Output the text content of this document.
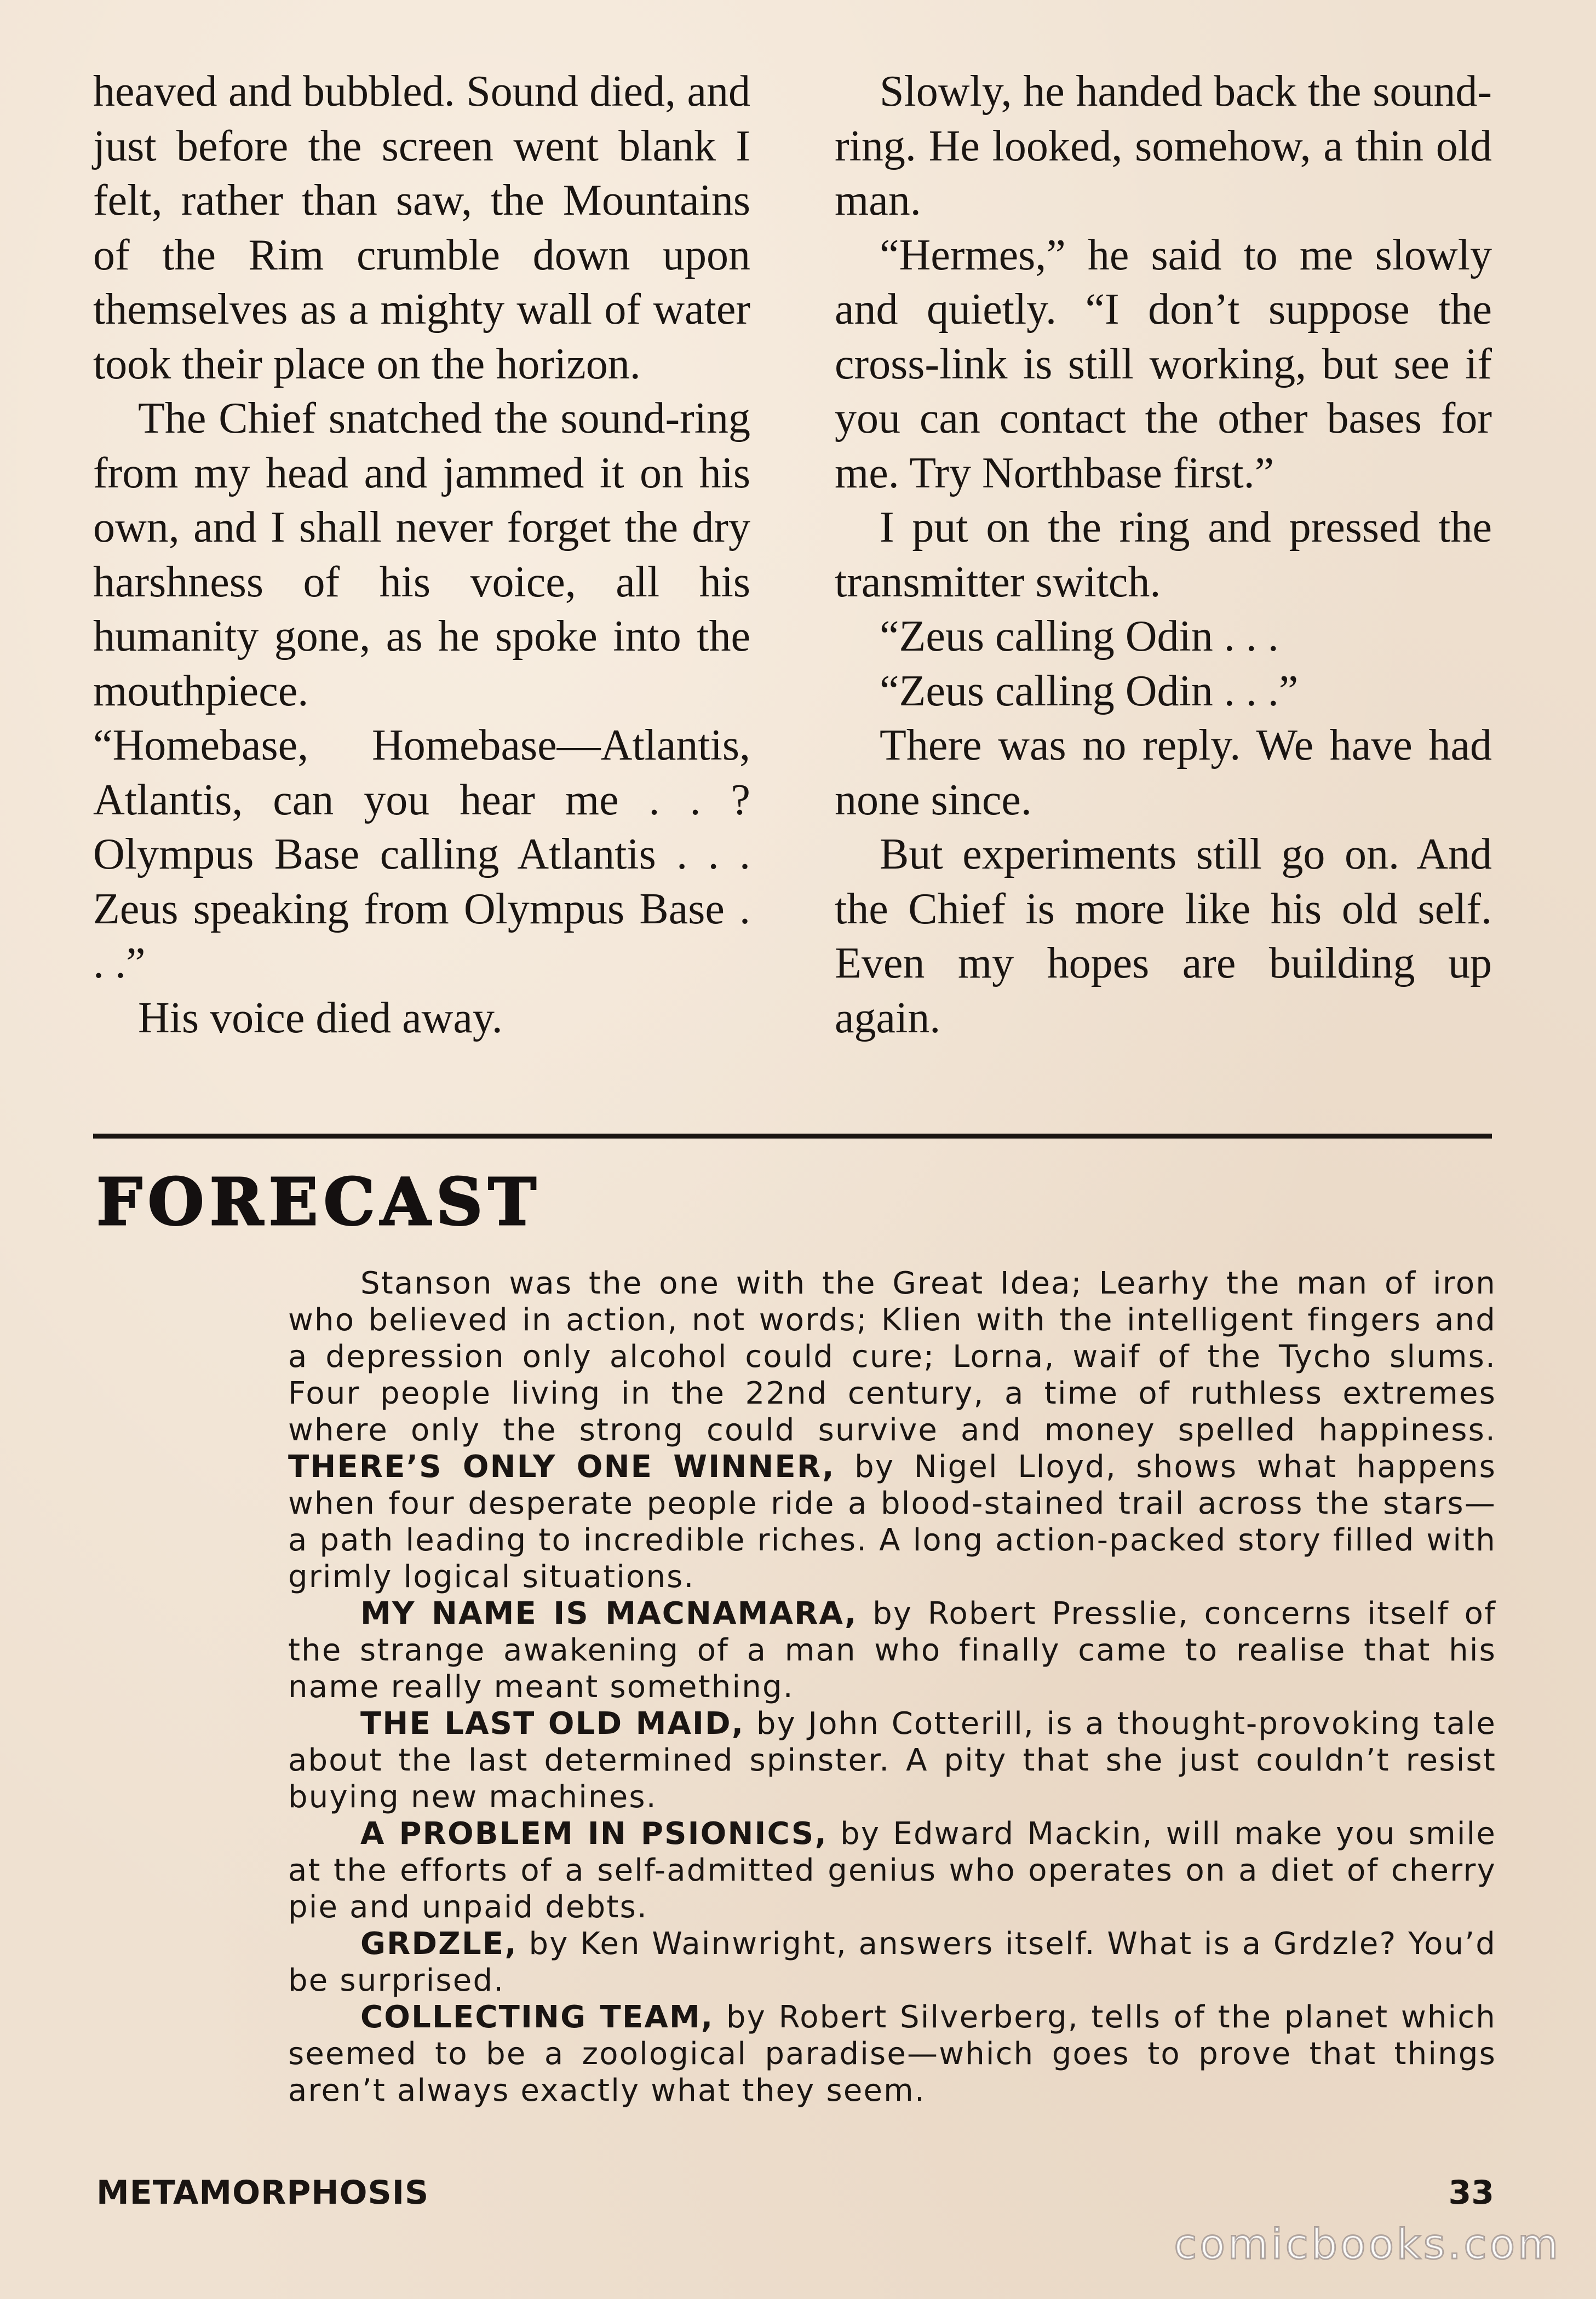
heaved and bubbled. Sound died, and just before the screen went blank I felt, rather than saw, the Mountains of the Rim crumble down upon themselves as a mighty wall of water took their place on the horizon.

The Chief snatched the sound-ring from my head and jammed it on his own, and I shall never forget the dry harshness of his voice, all his humanity gone, as he spoke into the mouthpiece.

“Homebase, Homebase—Atlantis, Atlantis, can you hear me . . ? Olympus Base calling Atlantis . . . Zeus speaking from Olympus Base . . .”

His voice died away.

Slowly, he handed back the sound-ring. He looked, somehow, a thin old man.

“Hermes,” he said to me slowly and quietly. “I don’t suppose the cross-link is still working, but see if you can contact the other bases for me. Try Northbase first.”

I put on the ring and pressed the transmitter switch.

“Zeus calling Odin . . .

“Zeus calling Odin . . .”

There was no reply. We have had none since.

But experiments still go on. And the Chief is more like his old self. Even my hopes are building up again.

FORECAST

Stanson was the one with the Great Idea; Learhy the man of iron who believed in action, not words; Klien with the intelligent fingers and a depression only alcohol could cure; Lorna, waif of the Tycho slums. Four people living in the 22nd century, a time of ruthless extremes where only the strong could survive and money spelled happiness. THERE’S ONLY ONE WINNER, by Nigel Lloyd, shows what happens when four desperate people ride a blood-stained trail across the stars—a path leading to incredible riches. A long action-packed story filled with grimly logical situations.

MY NAME IS MACNAMARA, by Robert Presslie, concerns itself of the strange awakening of a man who finally came to realise that his name really meant something.

THE LAST OLD MAID, by John Cotterill, is a thought-provoking tale about the last determined spinster. A pity that she just couldn’t resist buying new machines.

A PROBLEM IN PSIONICS, by Edward Mackin, will make you smile at the efforts of a self-admitted genius who operates on a diet of cherry pie and unpaid debts.

GRDZLE, by Ken Wainwright, answers itself. What is a Grdzle? You’d be surprised.

COLLECTING TEAM, by Robert Silverberg, tells of the planet which seemed to be a zoological paradise—which goes to prove that things aren’t always exactly what they seem.

METAMORPHOSIS	33
comicbooks.com
